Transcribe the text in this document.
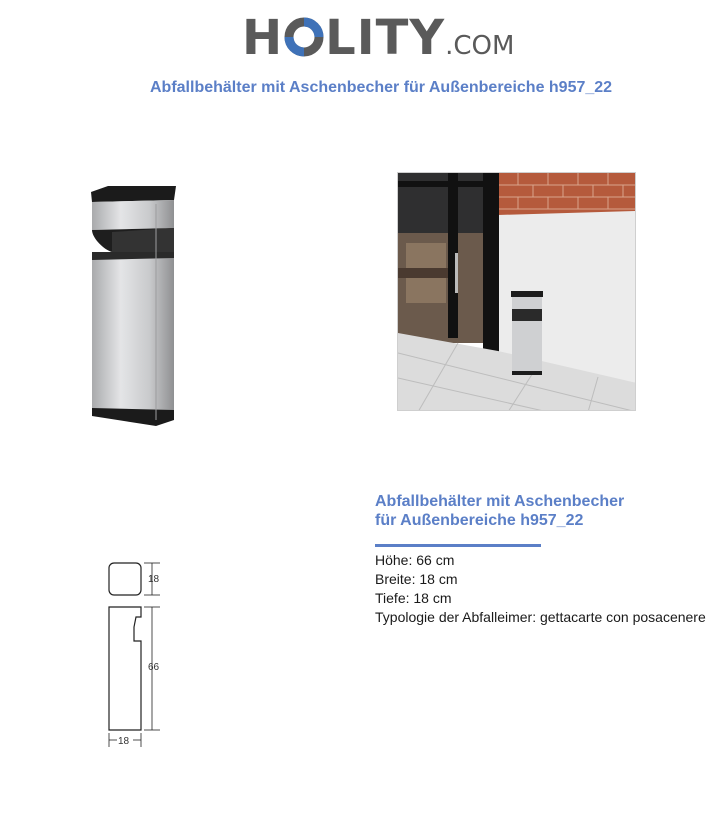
H LITY.COM
Abfallbehälter mit Aschenbecher für Außenbereiche h957_22
18
66
18

Abfallbehälter mit Aschenbecher

für Außenbereiche h957_22

Höhe: 66 cm
Breite: 18 cm
Tiefe: 18 cm
Typologie der Abfalleimer: gettacarte con posacenere
